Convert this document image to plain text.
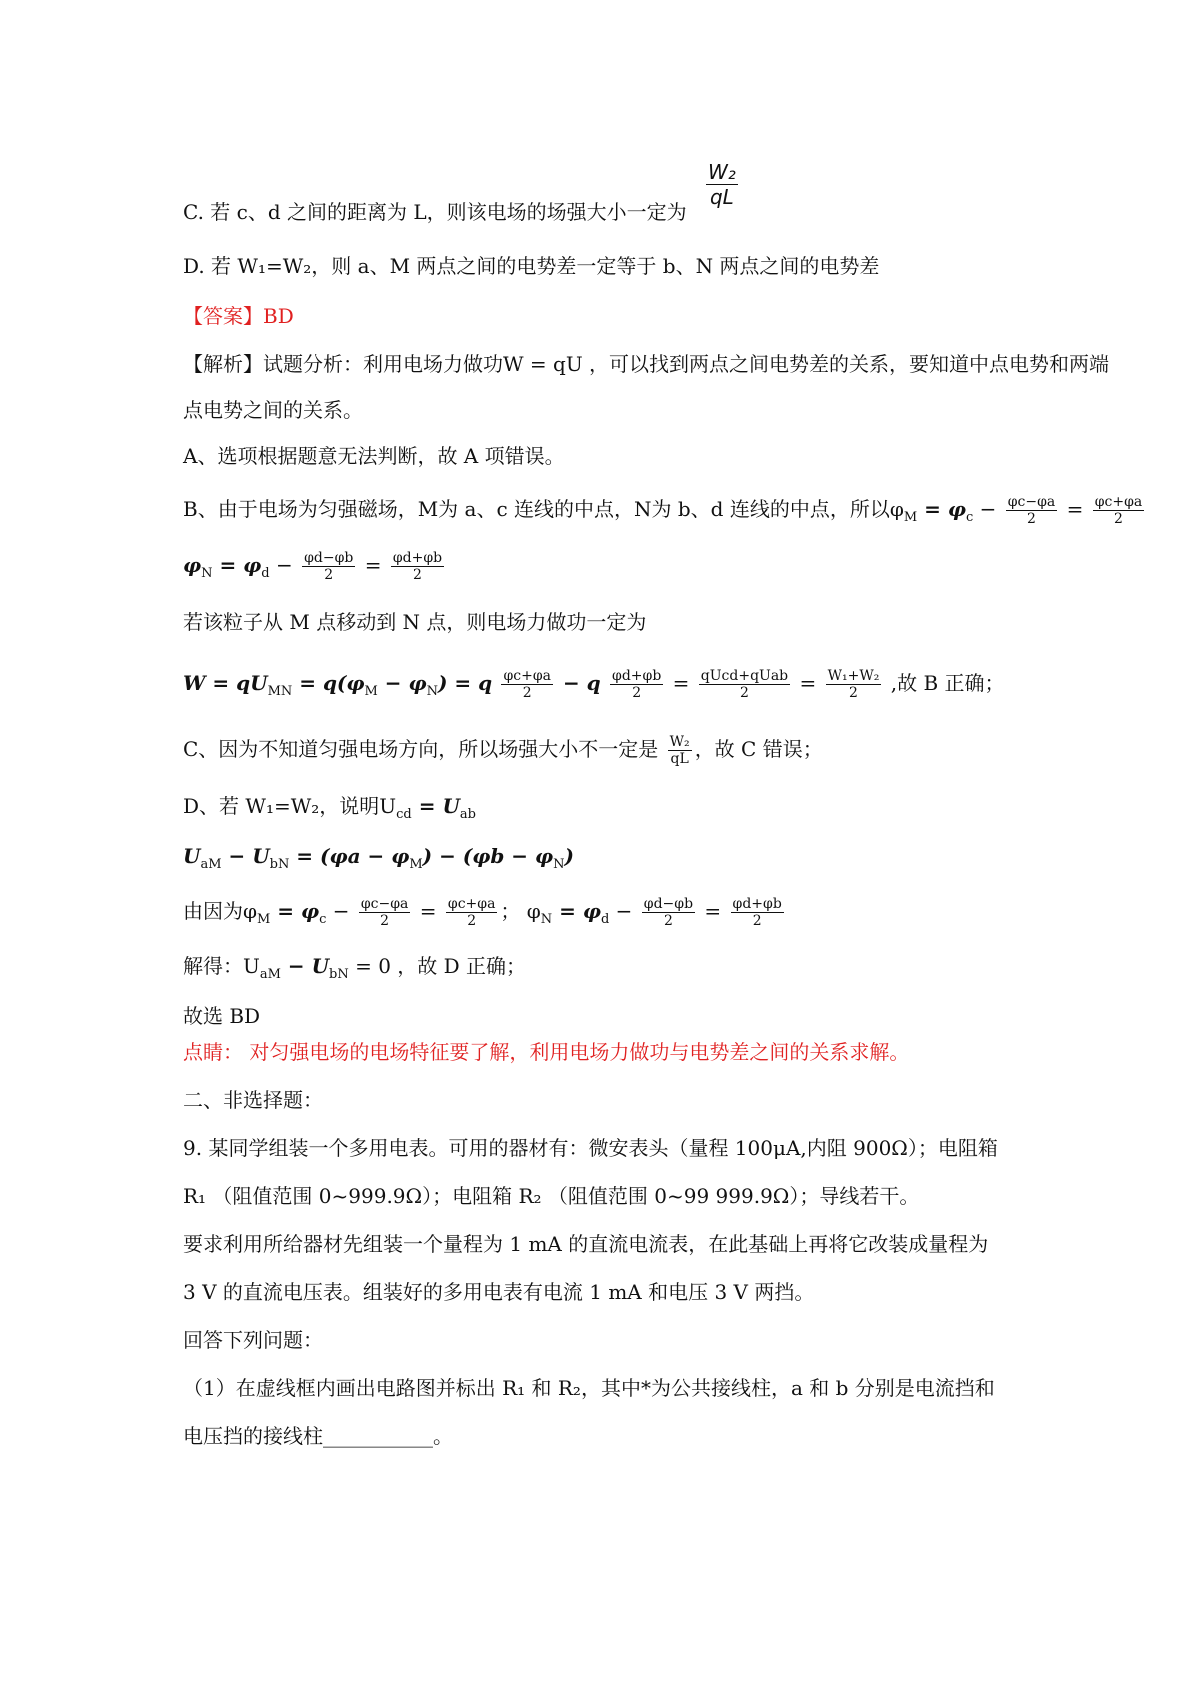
W₂
qL
C. 若 c、d 之间的距离为 L，则该电场的场强大小一定为
D. 若 W₁=W₂，则 a、M 两点之间的电势差一定等于 b、N 两点之间的电势差
【答案】BD
【解析】试题分析：利用电场力做功W = qU ，可以找到两点之间电势差的关系，要知道中点电势和两端
点电势之间的关系。
A、选项根据题意无法判断，故 A 项错误。
B、由于电场为匀强磁场，M为 a、c 连线的中点，N为 b、d 连线的中点，所以$\varphi_M = \varphi_c - \frac{\varphi c-\varphi a}{2} = \frac{\varphi c+\varphi a}{2}$
$\varphi_N = \varphi_d - \frac{\varphi d-\varphi b}{2} = \frac{\varphi d+\varphi b}{2}$
若该粒子从 M 点移动到 N 点，则电场力做功一定为
$W = qU_{MN} = q(\varphi_M - \varphi_N) = q \frac{\varphi c+\varphi a}{2} - q \frac{\varphi d+\varphi b}{2} = \frac{\text{qUcd+qUab}}{2} = \frac{\text{W₁+W₂}}{2}$ ,故 B 正确；
C、因为不知道匀强电场方向，所以场强大小不一定是 $\frac{\text{W₂}}{qL}$ ，故 C 错误；
D、若 W₁=W₂，说明$U_{cd} = U_{ab}$
$U_{aM} - U_{bN} = (\varphi a - \varphi_M) - (\varphi b - \varphi_N)$
由因为$\varphi_M = \varphi_c - \frac{\varphi c-\varphi a}{2} = \frac{\varphi c+\varphi a}{2}$ ； $\varphi_N = \varphi_d - \frac{\varphi d-\varphi b}{2} = \frac{\varphi d+\varphi b}{2}$
解得：$U_{aM} - U_{bN} = 0$ ，故 D 正确；
故选 BD
点睛： 对匀强电场的电场特征要了解，利用电场力做功与电势差之间的关系求解。
二、非选择题：
9. 某同学组装一个多用电表。可用的器材有：微安表头（量程 100μA,内阻 900Ω）；电阻箱
R₁ （阻值范围 0~999.9Ω）；电阻箱 R₂ （阻值范围 0~99 999.9Ω）；导线若干。
要求利用所给器材先组装一个量程为 1 mA 的直流电流表，在此基础上再将它改装成量程为
3 V 的直流电压表。组装好的多用电表有电流 1 mA 和电压 3 V 两挡。
回答下列问题：
（1）在虚线框内画出电路图并标出 R₁ 和 R₂，其中*为公共接线柱，a 和 b 分别是电流挡和
电压挡的接线柱___________。
